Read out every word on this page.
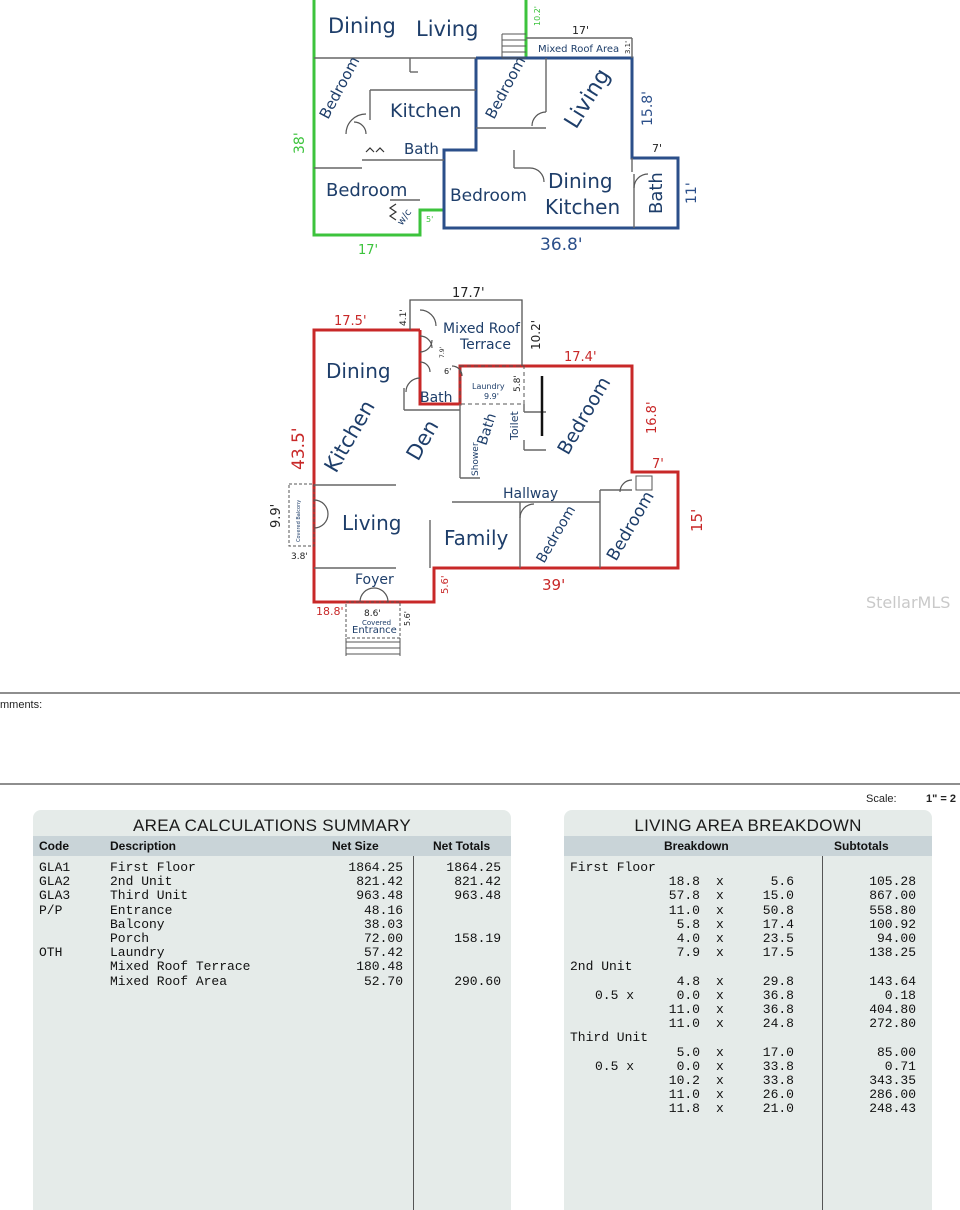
Dining Living
Bedroom Kitchen
Bath
Bedroom
w/c
Bedroom Living
Bedroom
Dining
Kitchen Bath
Mixed Roof Area
38'
17'
10.2'
17'
3.1'
15.8'
7'
11'
36.8'
5'
Mixed Roof
Terrace
Dining
Bath
Laundry
9.9'
Kitchen Den Bath
Shower
Toilet Bedroom
Hallway
Living
Family Bedroom Bedroom
Foyer
Covered Balcony
8.6'
Covered
Entrance
17.7'
17.5'	4.1'
10.2'
7.9'
6'
5.8'
17.4'
43.5'
16.8'
7'
15'
9.9'
3.8'
5.6'	39'
18.8'	5.6'
StellarMLS
mments:
Scale:	1" = 2
AREA CALCULATIONS SUMMARY
Code	Description	Net Size	Net Totals
GLA1	First Floor	1864.25	1864.25
GLA2	2nd Unit	821.42	821.42
GLA3	Third Unit	963.48	963.48
P/P	Entrance	48.16
Balcony	38.03
Porch	72.00	158.19
OTH	Laundry	57.42
Mixed Roof Terrace	180.48
Mixed Roof Area	52.70	290.60
LIVING AREA BREAKDOWN
Breakdown	Subtotals
First Floor
18.8 x	5.6	105.28
57.8 x	15.0	867.00
11.0 x	50.8	558.80
5.8 x	17.4	100.92
4.0 x	23.5	94.00
7.9 x	17.5	138.25
2nd Unit
4.8 x	29.8	143.64
0.5 x	0.0 x	36.8	0.18
11.0 x	36.8	404.80
11.0 x	24.8	272.80
Third Unit
5.0 x	17.0	85.00
0.5 x	0.0 x	33.8	0.71
10.2 x	33.8	343.35
11.0 x	26.0	286.00
11.8 x	21.0	248.43
